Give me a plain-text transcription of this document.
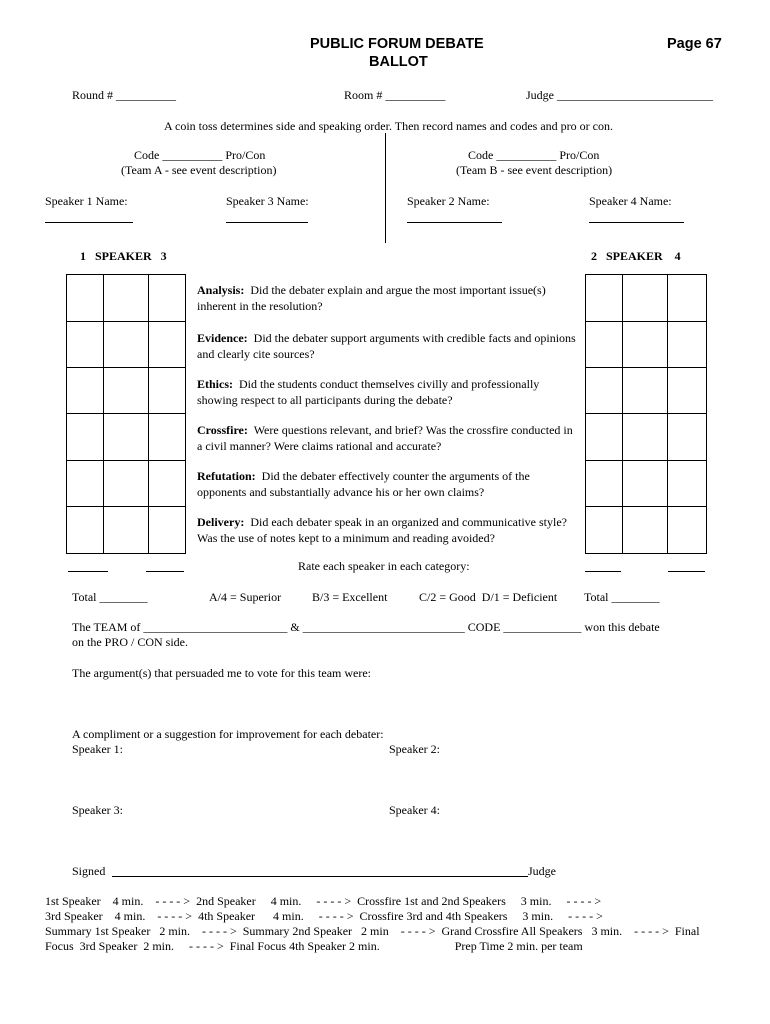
PUBLIC FORUM DEBATE
BALLOT
Page 67
Round # __________	Room # __________	Judge __________________________
A coin toss determines side and speaking order. Then record names and codes and pro or con.
Code __________ Pro/Con
(Team A - see event description)
Code __________ Pro/Con
(Team B - see event description)
Speaker 1 Name:	Speaker 3 Name:	Speaker 2 Name:	Speaker 4 Name:
1   SPEAKER   3	2   SPEAKER    4
Analysis: Did the debater explain and argue the most important issue(s) inherent in the resolution?
Evidence: Did the debater support arguments with credible facts and opinions and clearly cite sources?
Ethics: Did the students conduct themselves civilly and professionally showing respect to all participants during the debate?
Crossfire: Were questions relevant, and brief? Was the crossfire conducted in a civil manner? Were claims rational and accurate?
Refutation: Did the debater effectively counter the arguments of the opponents and substantially advance his or her own claims?
Delivery: Did each debater speak in an organized and communicative style? Was the use of notes kept to a minimum and reading avoided?
Rate each speaker in each category:
Total ________	A/4 = Superior	B/3 = Excellent	C/2 = Good  D/1 = Deficient Total ________
The TEAM of ________________________ & ___________________________ CODE _____________ won this debate
on the PRO / CON side.
The argument(s) that persuaded me to vote for this team were:
A compliment or a suggestion for improvement for each debater:
Speaker 1:	Speaker 2:
Speaker 3:	Speaker 4:
Signed	Judge
1st Speaker    4 min.    - - - - >  2nd Speaker     4 min.     - - - - >  Crossfire 1st and 2nd Speakers     3 min.     - - - - >
3rd Speaker    4 min.    - - - - >  4th Speaker      4 min.     - - - - >  Crossfire 3rd and 4th Speakers     3 min.     - - - - >
Summary 1st Speaker   2 min.    - - - - >  Summary 2nd Speaker   2 min    - - - - >  Grand Crossfire All Speakers   3 min.    - - - - >  Final
Focus  3rd Speaker  2 min.     - - - - >  Final Focus 4th Speaker 2 min.                         Prep Time 2 min. per team
